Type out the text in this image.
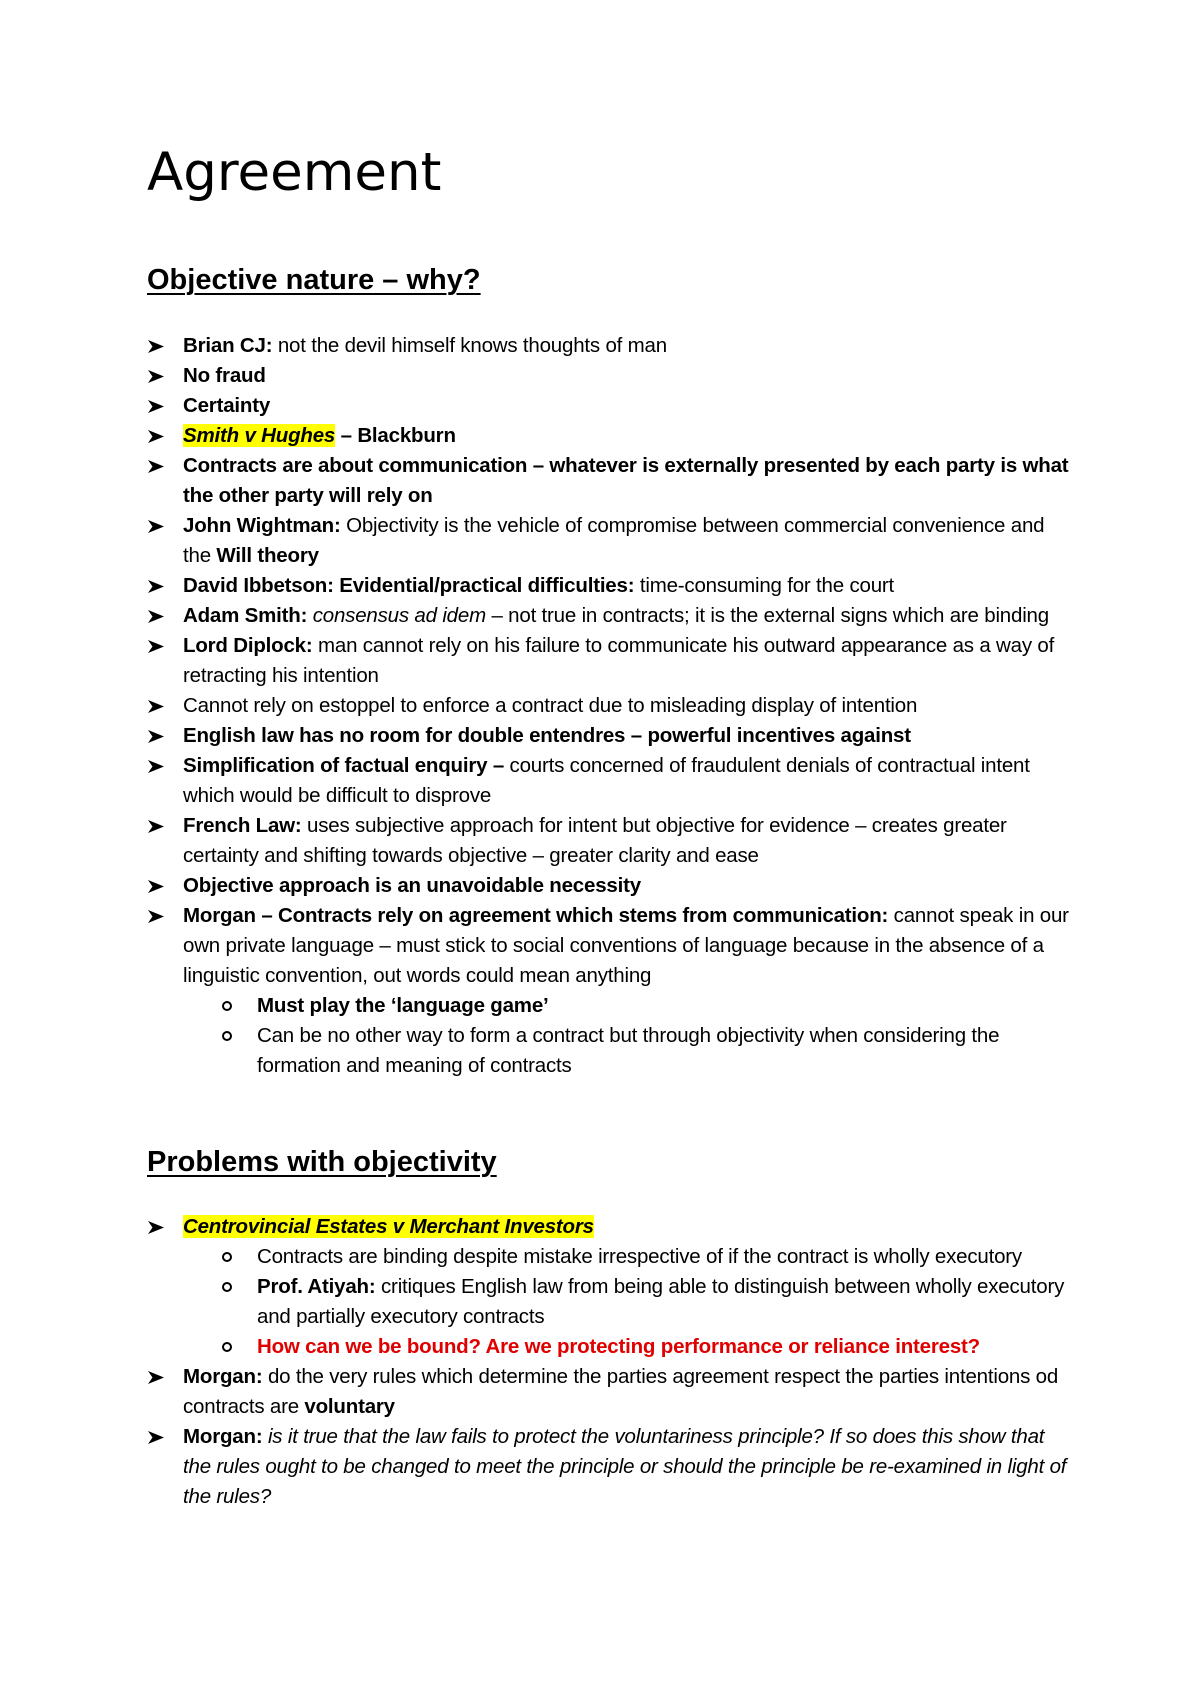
Agreement
Objective nature – why?
Brian CJ: not the devil himself knows thoughts of man
No fraud
Certainty
Smith v Hughes – Blackburn
Contracts are about communication – whatever is externally presented by each party is what the other party will rely on
John Wightman: Objectivity is the vehicle of compromise between commercial convenience and the Will theory
David Ibbetson: Evidential/practical difficulties: time-consuming for the court
Adam Smith: consensus ad idem – not true in contracts; it is the external signs which are binding
Lord Diplock: man cannot rely on his failure to communicate his outward appearance as a way of retracting his intention
Cannot rely on estoppel to enforce a contract due to misleading display of intention
English law has no room for double entendres – powerful incentives against
Simplification of factual enquiry – courts concerned of fraudulent denials of contractual intent which would be difficult to disprove
French Law: uses subjective approach for intent but objective for evidence – creates greater certainty and shifting towards objective – greater clarity and ease
Objective approach is an unavoidable necessity
Morgan – Contracts rely on agreement which stems from communication: cannot speak in our own private language – must stick to social conventions of language because in the absence of a linguistic convention, out words could mean anything
Must play the ‘language game’
Can be no other way to form a contract but through objectivity when considering the formation and meaning of contracts
Problems with objectivity
Centrovincial Estates v Merchant Investors
Contracts are binding despite mistake irrespective of if the contract is wholly executory
Prof. Atiyah: critiques English law from being able to distinguish between wholly executory and partially executory contracts
How can we be bound? Are we protecting performance or reliance interest?
Morgan: do the very rules which determine the parties agreement respect the parties intentions od contracts are voluntary
Morgan: is it true that the law fails to protect the voluntariness principle? If so does this show that the rules ought to be changed to meet the principle or should the principle be re-examined in light of the rules?
